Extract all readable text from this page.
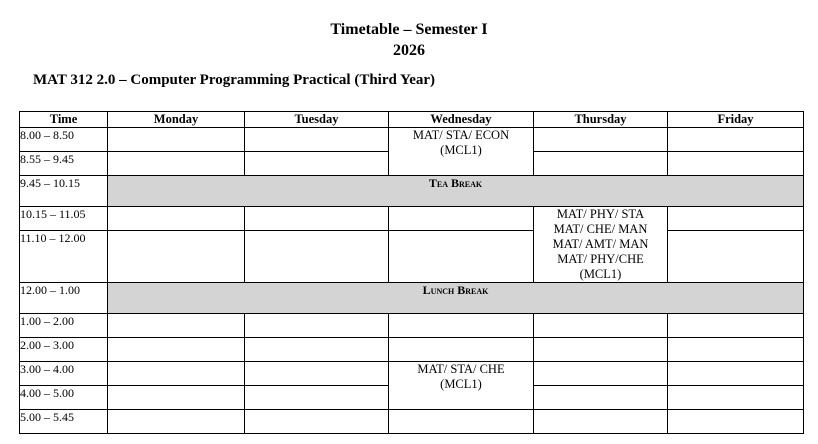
Timetable – Semester I
2026
MAT 312 2.0 – Computer Programming Practical (Third Year)
Time	Monday	Tuesday	Wednesday	Thursday	Friday
8.00 – 8.50			MAT/ STA/ ECON
(MCL1)		

8.55 – 9.45					
9.45 – 10.15	Tea Break				
10.15 – 11.05				MAT/ PHY/ STA
MAT/ CHE/ MAN
MAT/ AMT/ MAN
MAT/ PHY/CHE
(MCL1)	

11.10 – 12.00					
12.00 – 1.00	Lunch Break				
1.00 – 2.00					
2.00 – 3.00					
3.00 – 4.00			MAT/ STA/ CHE
(MCL1)		

4.00 – 5.00					
5.00 – 5.45					
